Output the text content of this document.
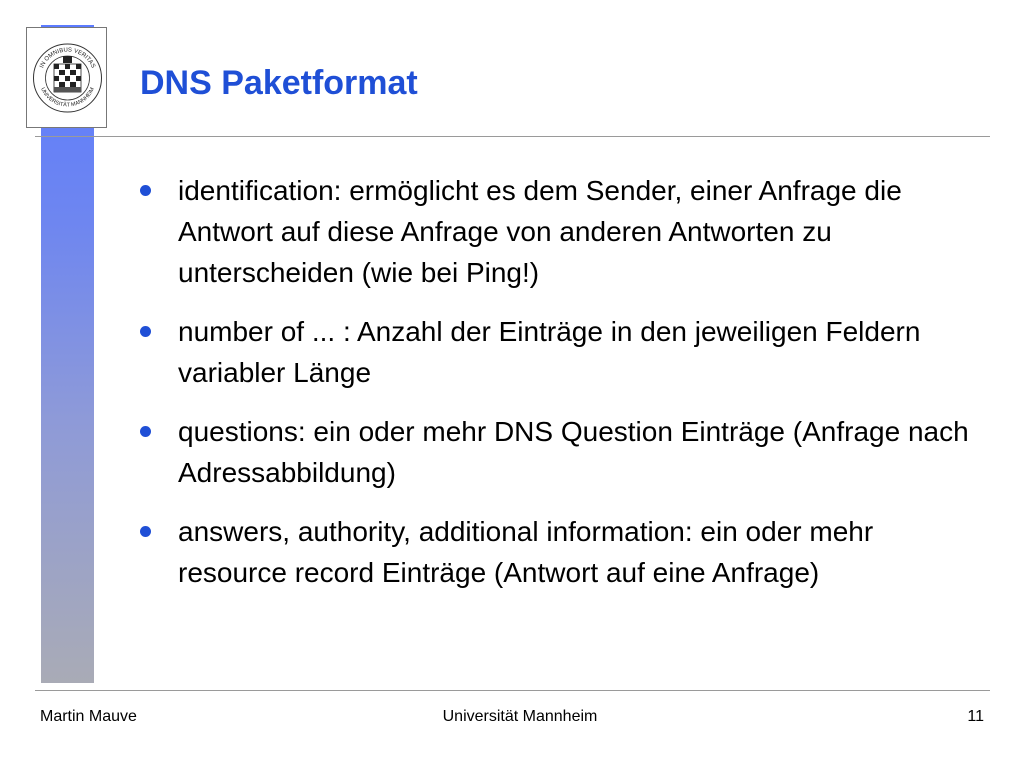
IN OMNIBUS VERITAS
UNIVERSITÄT MANNHEIM DNS Paketformat
identification: ermöglicht es dem Sender, einer Anfrage die Antwort auf diese Anfrage von anderen Antworten zu unterscheiden (wie bei Ping!)
number of ... : Anzahl der Einträge in den jeweiligen Feldern variabler Länge
questions: ein oder mehr DNS Question Einträge (Anfrage nach Adressabbildung)
answers, authority, additional information: ein oder mehr resource record Einträge (Antwort auf eine Anfrage)
Martin Mauve	Universität Mannheim	11
